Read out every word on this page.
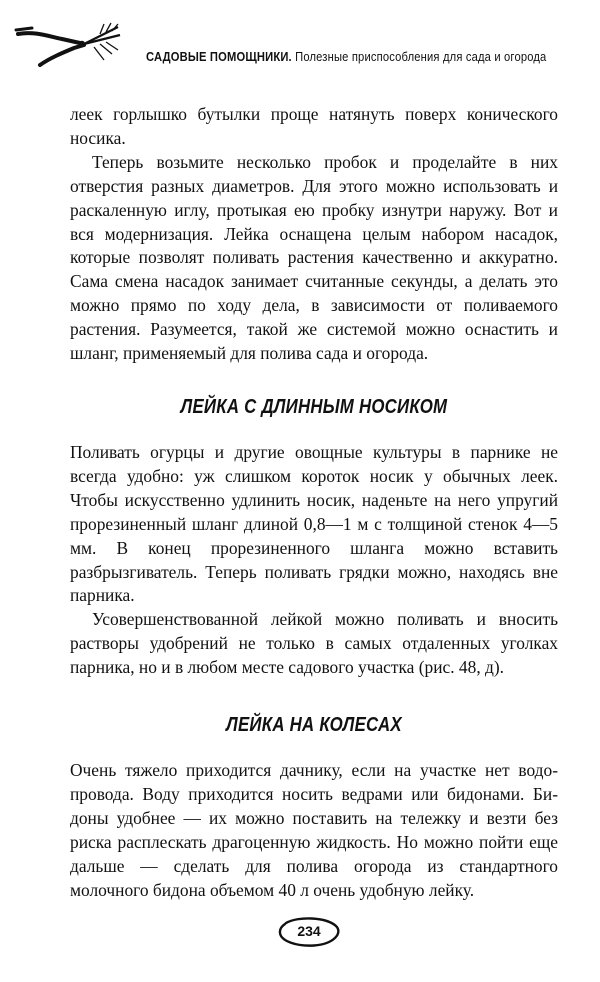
САДОВЫЕ ПОМОЩНИКИ. Полезные приспособления для сада и огорода

леек горлышко бутылки проще натянуть поверх конического носика.

Теперь возьмите несколько пробок и проделайте в них отверстия разных диаметров. Для этого можно использовать и раскаленную иглу, протыкая ею пробку изнутри наружу. Вот и вся модернизация. Лейка оснащена целым набором насадок, которые позволят поливать растения качественно и аккуратно. Сама смена насадок занимает считанные секунды, а делать это можно прямо по ходу дела, в зависимости от поливаемого растения. Разумеется, такой же системой можно оснастить и шланг, применяемый для полива сада и огорода.

ЛЕЙКА С ДЛИННЫМ НОСИКОМ

Поливать огурцы и другие овощные культуры в парнике не всегда удобно: уж слишком короток носик у обычных леек. Чтобы искусственно удлинить носик, наденьте на него упругий прорезиненный шланг длиной 0,8—1 м с толщиной стенок 4—5 мм. В конец прорезиненного шланга можно вставить разбрызгиватель. Теперь поливать грядки можно, находясь вне парника.

Усовершенствованной лейкой можно поливать и вносить растворы удобрений не только в самых отдаленных уголках парника, но и в любом месте садового участка (рис. 48, д).

ЛЕЙКА НА КОЛЕСАХ

Очень тяжело приходится дачнику, если на участке нет водопровода. Воду приходится носить ведрами или бидонами. Бидоны удобнее — их можно поставить на тележку и везти без риска расплескать драгоценную жидкость. Но можно пойти еще дальше — сделать для полива огорода из стандартного молочного бидона объемом 40 л очень удобную лейку.

234
